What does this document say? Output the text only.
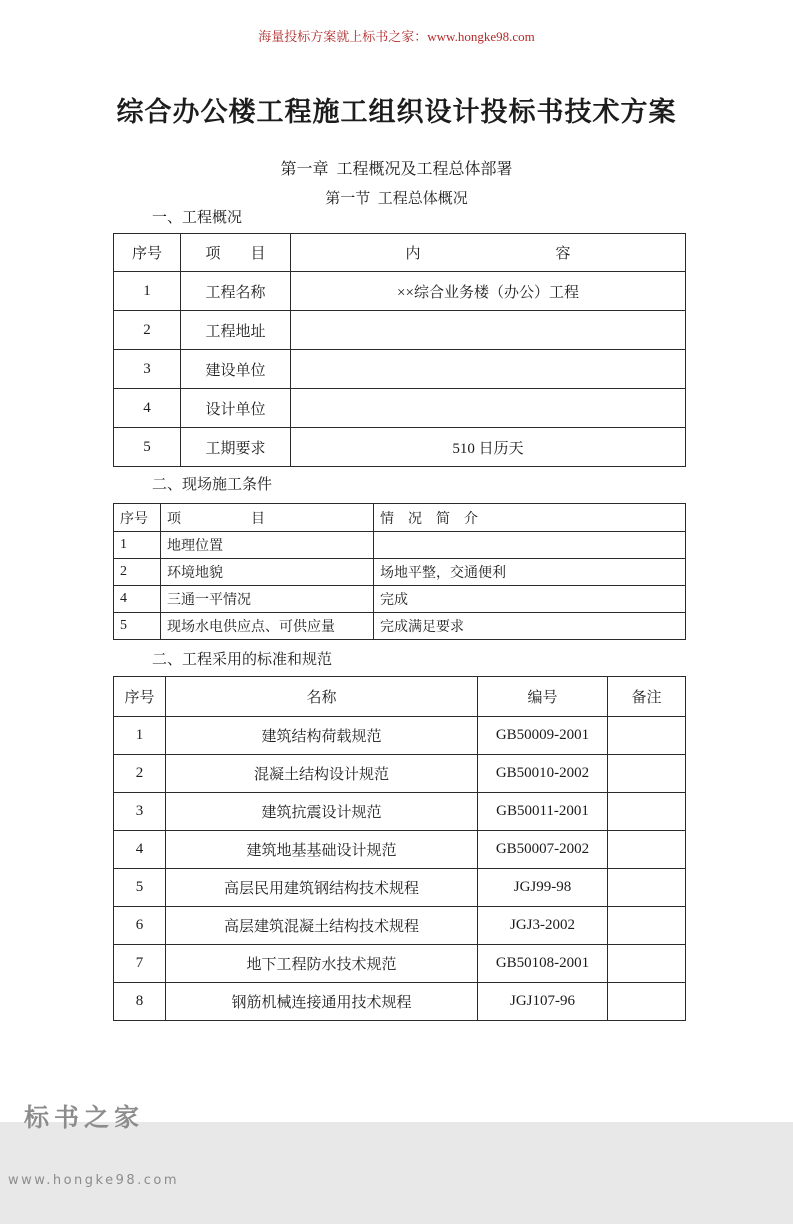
海量投标方案就上标书之家：www.hongke98.com

综合办公楼工程施工组织设计投标书技术方案

第一章  工程概况及工程总体部署

第一节  工程总体概况

一、工程概况

序号	项　　目	内　　　　　　　　　容
1	工程名称	××综合业务楼（办公）工程
2	工程地址	
3	建设单位	
4	设计单位	
5	工期要求	510 日历天

二、现场施工条件

序号	项　　　　　目	情　况　简　介
1	地理位置	
2	环境地貌	场地平整，交通便利
4	三通一平情况	完成
5	现场水电供应点、可供应量	完成满足要求

二、工程采用的标准和规范

序号	名称	编号	备注
1	建筑结构荷载规范	GB50009-2001	
2	混凝土结构设计规范	GB50010-2002	
3	建筑抗震设计规范	GB50011-2001	
4	建筑地基基础设计规范	GB50007-2002	
5	高层民用建筑钢结构技术规程	JGJ99-98	
6	高层建筑混凝土结构技术规程	JGJ3-2002	
7	地下工程防水技术规范	GB50108-2001	
8	钢筋机械连接通用技术规程	JGJ107-96	

标书之家

www.hongke98.com
